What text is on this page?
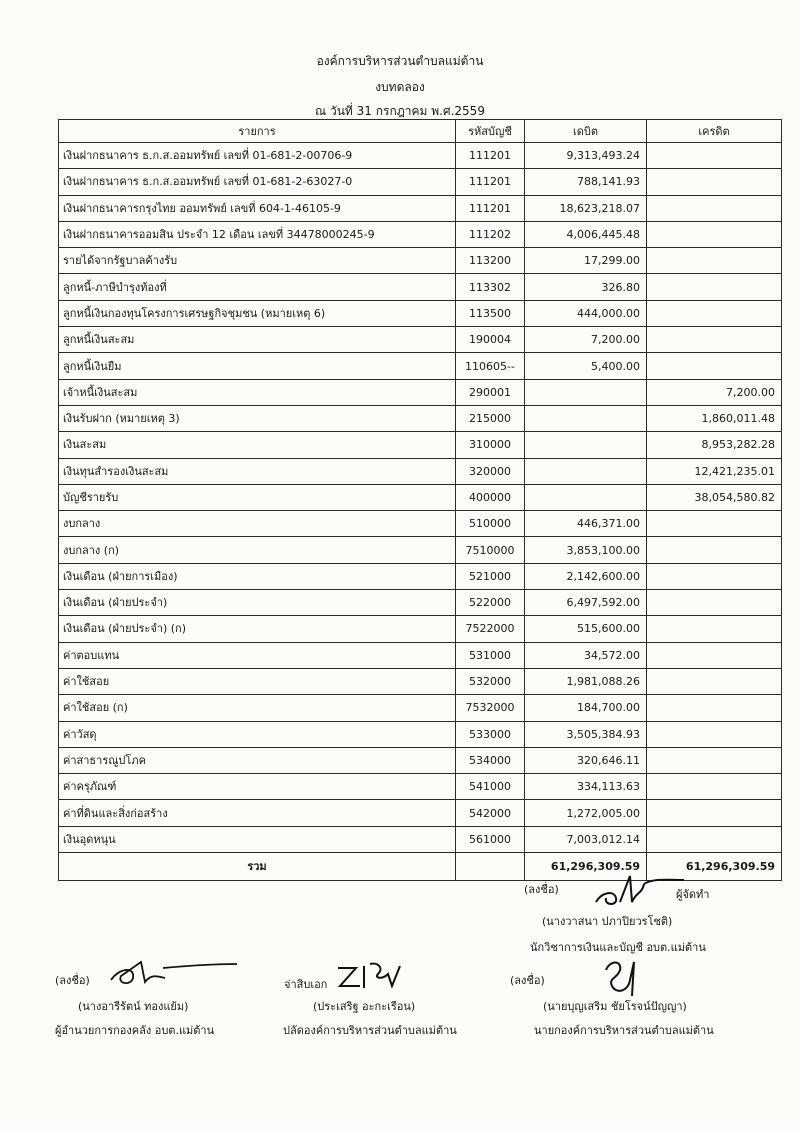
องค์การบริหารส่วนตำบลแม่ต้าน
งบทดลอง
ณ วันที่ 31 กรกฎาคม พ.ศ.2559
รายการ	รหัสบัญชี	เดบิต	เครดิต
เงินฝากธนาคาร ธ.ก.ส.ออมทรัพย์ เลขที่ 01-681-2-00706-9	111201	9,313,493.24	
เงินฝากธนาคาร ธ.ก.ส.ออมทรัพย์ เลขที่ 01-681-2-63027-0	111201	788,141.93	
เงินฝากธนาคารกรุงไทย ออมทรัพย์ เลขที่ 604-1-46105-9	111201	18,623,218.07	
เงินฝากธนาคารออมสิน ประจำ 12 เดือน เลขที่ 34478000245-9	111202	4,006,445.48	
รายได้จากรัฐบาลค้างรับ	113200	17,299.00	
ลูกหนี้-ภาษีบำรุงท้องที่	113302	326.80	
ลูกหนี้เงินกองทุนโครงการเศรษฐกิจชุมชน (หมายเหตุ 6)	113500	444,000.00	
ลูกหนี้เงินสะสม	190004	7,200.00	
ลูกหนี้เงินยืม	110605--	5,400.00	
เจ้าหนี้เงินสะสม	290001		7,200.00
เงินรับฝาก (หมายเหตุ 3)	215000		1,860,011.48
เงินสะสม	310000		8,953,282.28
เงินทุนสำรองเงินสะสม	320000		12,421,235.01
บัญชีรายรับ	400000		38,054,580.82
งบกลาง	510000	446,371.00	
งบกลาง (ก)	7510000	3,853,100.00	
เงินเดือน (ฝ่ายการเมือง)	521000	2,142,600.00	
เงินเดือน (ฝ่ายประจำ)	522000	6,497,592.00	
เงินเดือน (ฝ่ายประจำ) (ก)	7522000	515,600.00	
ค่าตอบแทน	531000	34,572.00	
ค่าใช้สอย	532000	1,981,088.26	
ค่าใช้สอย (ก)	7532000	184,700.00	
ค่าวัสดุ	533000	3,505,384.93	
ค่าสาธารณูปโภค	534000	320,646.11	
ค่าครุภัณฑ์	541000	334,113.63	
ค่าที่ดินและสิ่งก่อสร้าง	542000	1,272,005.00	
เงินอุดหนุน	561000	7,003,012.14	
รวม		61,296,309.59	61,296,309.59
(ลงชื่อ)	ผู้จัดทำ
(นางวาสนา ปภาปิยวรโชติ)
นักวิชาการเงินและบัญชี อบต.แม่ต้าน
(ลงชื่อ)
(นางอารีรัตน์ ทองแย้ม)
ผู้อำนวยการกองคลัง อบต.แม่ต้าน
จ่าสิบเอก
(ประเสริฐ อะกะเรือน)
ปลัดองค์การบริหารส่วนตำบลแม่ต้าน
(ลงชื่อ)
(นายบุญเสริม ชัยโรจน์ปัญญา)
นายกองค์การบริหารส่วนตำบลแม่ต้าน
